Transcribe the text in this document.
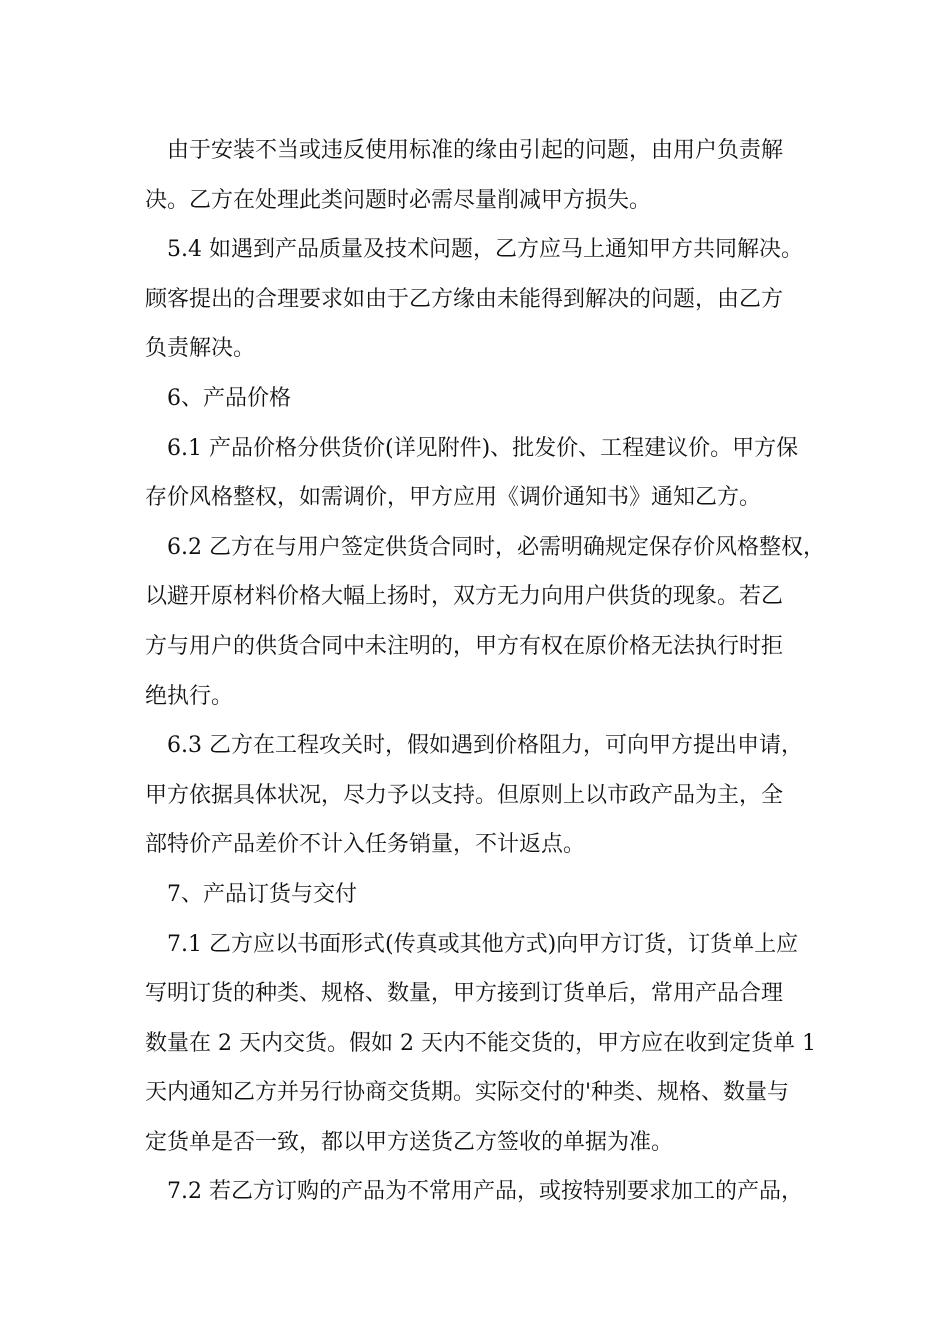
由于安装不当或违反使用标准的缘由引起的问题，由用户负责解
决。乙方在处理此类问题时必需尽量削减甲方损失。
5.4 如遇到产品质量及技术问题，乙方应马上通知甲方共同解决。
顾客提出的合理要求如由于乙方缘由未能得到解决的问题，由乙方
负责解决。
6、产品价格
6.1 产品价格分供货价(详见附件)、批发价、工程建议价。甲方保
存价风格整权，如需调价，甲方应用《调价通知书》通知乙方。
6.2 乙方在与用户签定供货合同时，必需明确规定保存价风格整权，
以避开原材料价格大幅上扬时，双方无力向用户供货的现象。若乙
方与用户的供货合同中未注明的，甲方有权在原价格无法执行时拒
绝执行。
6.3 乙方在工程攻关时，假如遇到价格阻力，可向甲方提出申请，
甲方依据具体状况，尽力予以支持。但原则上以市政产品为主，全
部特价产品差价不计入任务销量，不计返点。
7、产品订货与交付
7.1 乙方应以书面形式(传真或其他方式)向甲方订货，订货单上应
写明订货的种类、规格、数量，甲方接到订货单后，常用产品合理
数量在 2 天内交货。假如 2 天内不能交货的，甲方应在收到定货单 1
天内通知乙方并另行协商交货期。实际交付的'种类、规格、数量与
定货单是否一致，都以甲方送货乙方签收的单据为准。
7.2 若乙方订购的产品为不常用产品，或按特别要求加工的产品，
